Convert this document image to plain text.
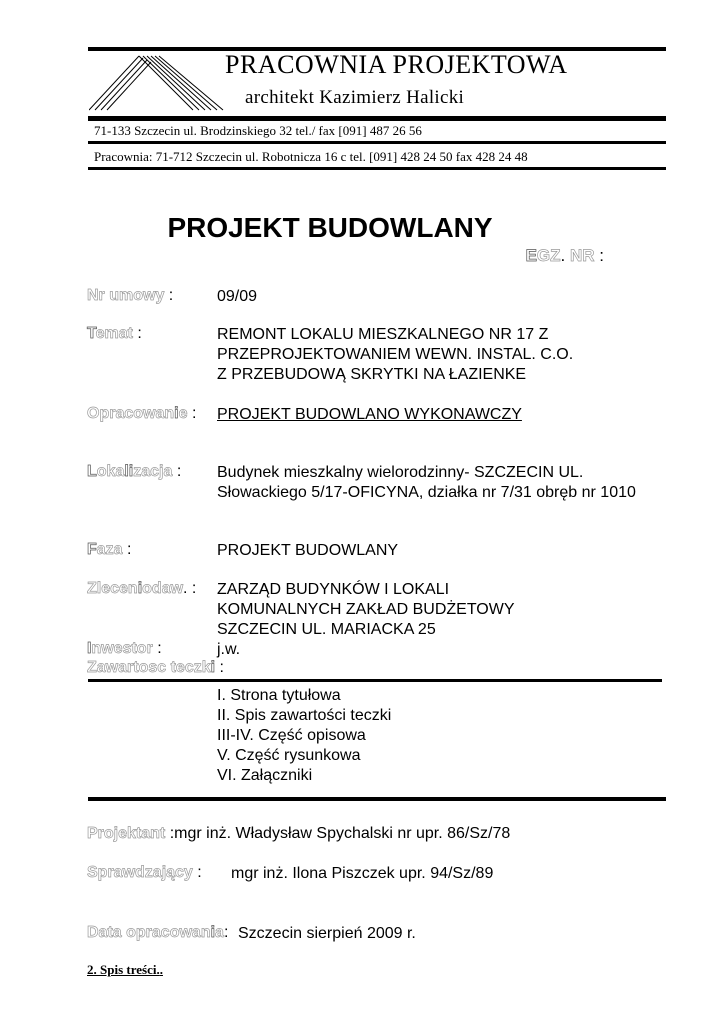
PRACOWNIA PROJEKTOWA
architekt Kazimierz Halicki
71-133 Szczecin ul. Brodzinskiego 32 tel./ fax [091] 487 26 56
Pracownia: 71-712 Szczecin ul. Robotnicza 16 c tel. [091] 428 24 50 fax 428 24 48
PROJEKT BUDOWLANY
EGZ. NR :
Nr umowy :	09/09
Temat :	REMONT LOKALU MIESZKALNEGO NR 17 Z
PRZEPROJEKTOWANIEM WEWN. INSTAL. C.O.
Z PRZEBUDOWĄ SKRYTKI NA ŁAZIENKE
Opracowanie : PROJEKT BUDOWLANO WYKONAWCZY
Lokalizacja : Budynek mieszkalny wielorodzinny- SZCZECIN UL.
Słowackiego 5/17-OFICYNA, działka nr 7/31 obręb nr 1010
Faza :	PROJEKT BUDOWLANY
Zleceniodaw. : ZARZĄD BUDYNKÓW I LOKALI
KOMUNALNYCH ZAKŁAD BUDŻETOWY
SZCZECIN UL. MARIACKA 25
Inwestor :	j.w.
Zawartosc teczki :
I. Strona tytułowa
II. Spis zawartości teczki
III-IV. Część opisowa
V. Część rysunkowa
VI. Załączniki
Projektant :mgr inż. Władysław Spychalski nr upr. 86/Sz/78
Sprawdzający : mgr inż. Ilona Piszczek upr. 94/Sz/89
Data opracowania: Szczecin sierpień 2009 r.
2. Spis treści..
